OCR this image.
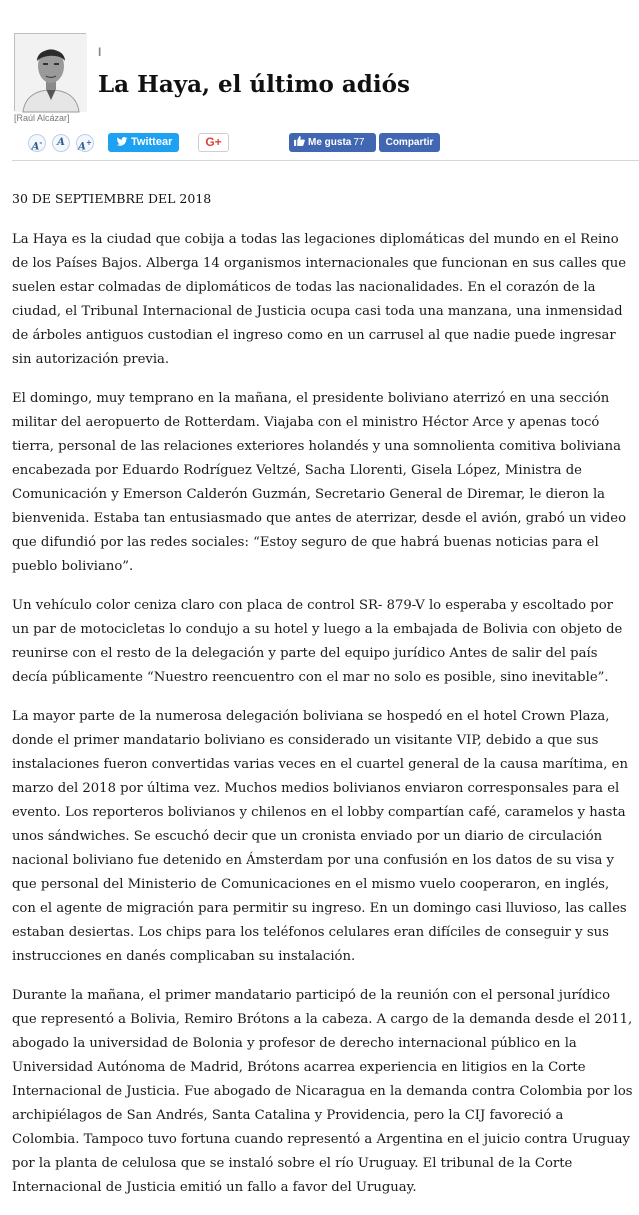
[Raúl Alcázar]
I
La Haya, el último adiós
A-	A	A+	Twittear	G+	Me gusta 77	Compartir
30 DE SEPTIEMBRE DEL 2018

La Haya es la ciudad que cobija a todas las legaciones diplomáticas del mundo en el Reino de los Países Bajos. Alberga 14 organismos internacionales que funcionan en sus calles que suelen estar colmadas de diplomáticos de todas las nacionalidades. En el corazón de la ciudad, el Tribunal Internacional de Justicia ocupa casi toda una manzana, una inmensidad de árboles antiguos custodian el ingreso como en un carrusel al que nadie puede ingresar sin autorización previa.

El domingo, muy temprano en la mañana, el presidente boliviano aterrizó en una sección militar del aeropuerto de Rotterdam. Viajaba con el ministro Héctor Arce y apenas tocó tierra, personal de las relaciones exteriores holandés y una somnolienta comitiva boliviana encabezada por Eduardo Rodríguez Veltzé, Sacha Llorenti, Gisela López, Ministra de Comunicación y Emerson Calderón Guzmán, Secretario General de Diremar, le dieron la bienvenida. Estaba tan entusiasmado que antes de aterrizar, desde el avión, grabó un video que difundió por las redes sociales: “Estoy seguro de que habrá buenas noticias para el pueblo boliviano”.

Un vehículo color ceniza claro con placa de control SR- 879-V lo esperaba y escoltado por un par de motocicletas lo condujo a su hotel y luego a la embajada de Bolivia con objeto de reunirse con el resto de la delegación y parte del equipo jurídico Antes de salir del país decía públicamente “Nuestro reencuentro con el mar no solo es posible, sino inevitable”.

La mayor parte de la numerosa delegación boliviana se hospedó en el hotel Crown Plaza, donde el primer mandatario boliviano es considerado un visitante VIP, debido a que sus instalaciones fueron convertidas varias veces en el cuartel general de la causa marítima, en marzo del 2018 por última vez. Muchos medios bolivianos enviaron corresponsales para el evento. Los reporteros bolivianos y chilenos en el lobby compartían café, caramelos y hasta unos sándwiches. Se escuchó decir que un cronista enviado por un diario de circulación nacional boliviano fue detenido en Ámsterdam por una confusión en los datos de su visa y que personal del Ministerio de Comunicaciones en el mismo vuelo cooperaron, en inglés, con el agente de migración para permitir su ingreso. En un domingo casi lluvioso, las calles estaban desiertas. Los chips para los teléfonos celulares eran difíciles de conseguir y sus instrucciones en danés complicaban su instalación.

Durante la mañana, el primer mandatario participó de la reunión con el personal jurídico que representó a Bolivia, Remiro Brótons a la cabeza. A cargo de la demanda desde el 2011, abogado la universidad de Bolonia y profesor de derecho internacional público en la Universidad Autónoma de Madrid, Brótons acarrea experiencia en litigios en la Corte Internacional de Justicia. Fue abogado de Nicaragua en la demanda contra Colombia por los archipiélagos de San Andrés, Santa Catalina y Providencia, pero la CIJ favoreció a Colombia. Tampoco tuvo fortuna cuando representó a Argentina en el juicio contra Uruguay por la planta de celulosa que se instaló sobre el río Uruguay. El tribunal de la Corte Internacional de Justicia emitió un fallo a favor del Uruguay.
